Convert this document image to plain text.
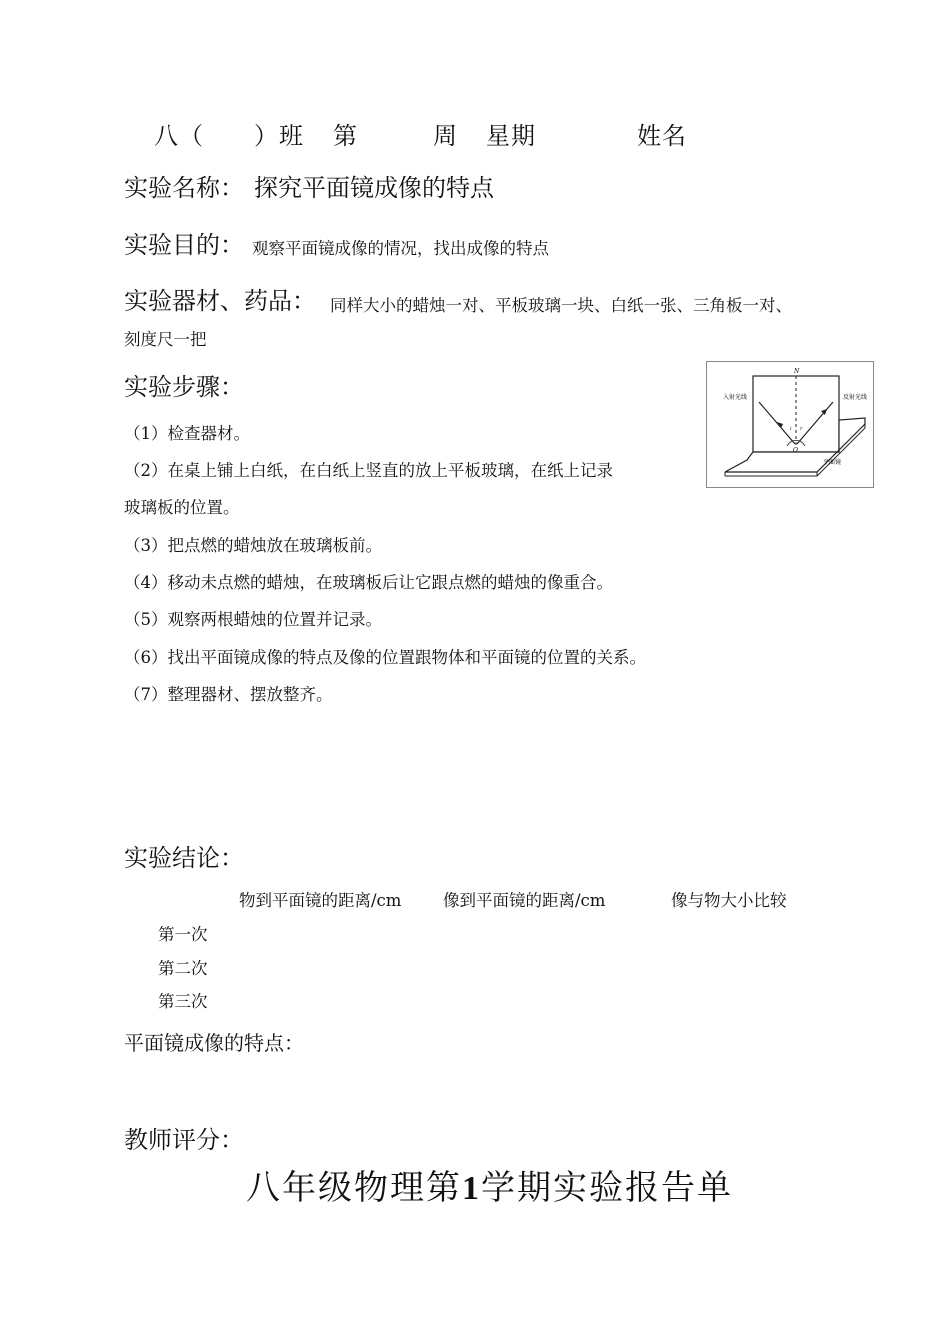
八（　　）班 第　　　周 星期	姓名
实验名称： 探究平面镜成像的特点
实验目的： 观察平面镜成像的情况，找出成像的特点
实验器材、药品： 同样大小的蜡烛一对、平板玻璃一块、白纸一张、三角板一对、
刻度尺一把
实验步骤：
（1）检查器材。
（2）在桌上铺上白纸，在白纸上竖直的放上平板玻璃，在纸上记录
玻璃板的位置。
（3）把点燃的蜡烛放在玻璃板前。
（4）移动未点燃的蜡烛，在玻璃板后让它跟点燃的蜡烛的像重合。
（5）观察两根蜡烛的位置并记录。
（6）找出平面镜成像的特点及像的位置跟物体和平面镜的位置的关系。
（7）整理器材、摆放整齐。
N
入射光线	反射光线
i r
O
平面镜
实验结论：
物到平面镜的距离/cm	像到平面镜的距离/cm	像与物大小比较
第一次
第二次
第三次
平面镜成像的特点：
教师评分：
八年级物理第1学期实验报告单
